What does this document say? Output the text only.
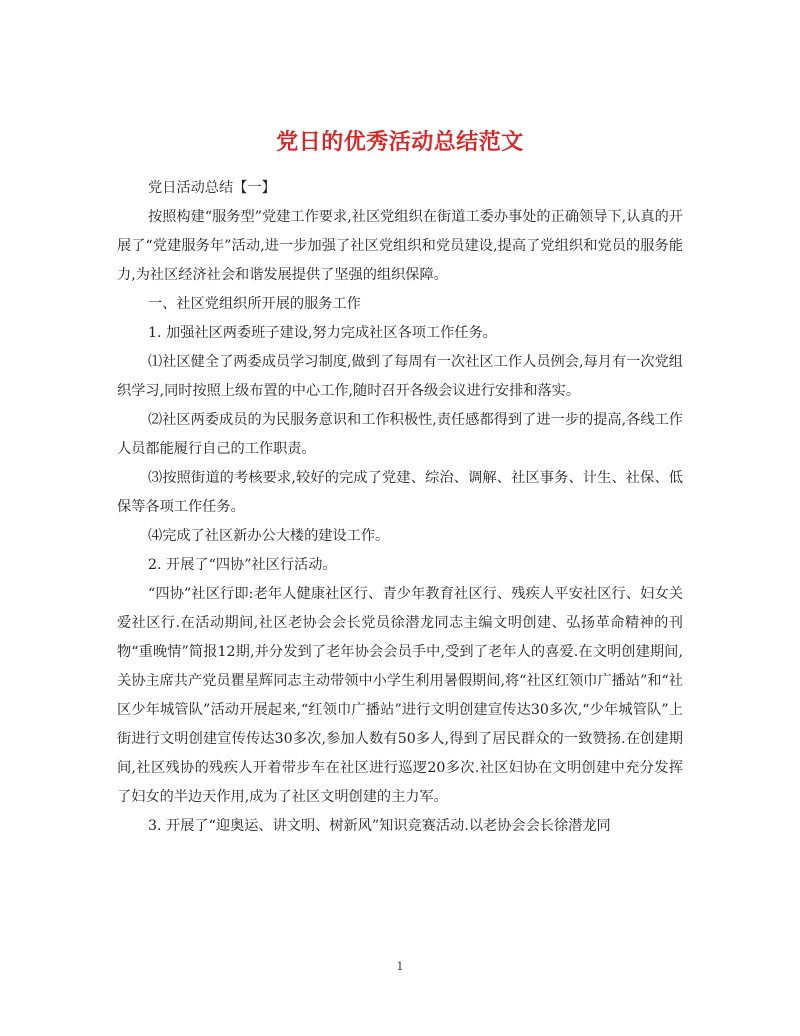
党日的优秀活动总结范文

党日活动总结【一】

按照构建“服务型”党建工作要求,社区党组织在街道工委办事处的正确领导下,认真的开展了“党建服务年”活动,进一步加强了社区党组织和党员建设,提高了党组织和党员的服务能力,为社区经济社会和谐发展提供了坚强的组织保障。

一、社区党组织所开展的服务工作

1. 加强社区两委班子建设,努力完成社区各项工作任务。

⑴社区健全了两委成员学习制度,做到了每周有一次社区工作人员例会,每月有一次党组织学习,同时按照上级布置的中心工作,随时召开各级会议进行安排和落实。

⑵社区两委成员的为民服务意识和工作积极性,责任感都得到了进一步的提高,各线工作人员都能履行自己的工作职责。

⑶按照街道的考核要求,较好的完成了党建、综治、调解、社区事务、计生、社保、低保等各项工作任务。

⑷完成了社区新办公大楼的建设工作。

2. 开展了“四协”社区行活动。

“四协”社区行即:老年人健康社区行、青少年教育社区行、残疾人平安社区行、妇女关爱社区行.在活动期间,社区老协会会长党员徐潜龙同志主编文明创建、弘扬革命精神的刊物“重晚情”简报12期,并分发到了老年协会会员手中,受到了老年人的喜爱.在文明创建期间,关协主席共产党员瞿星辉同志主动带领中小学生利用暑假期间,将“社区红领巾广播站”和“社区少年城管队”活动开展起来,“红领巾广播站”进行文明创建宣传达30多次,“少年城管队”上街进行文明创建宣传传达30多次,参加人数有50多人,得到了居民群众的一致赞扬.在创建期间,社区残协的残疾人开着带步车在社区进行巡逻20多次.社区妇协在文明创建中充分发挥了妇女的半边天作用,成为了社区文明创建的主力军。

3. 开展了“迎奥运、讲文明、树新风”知识竞赛活动.以老协会会长徐潜龙同

1
